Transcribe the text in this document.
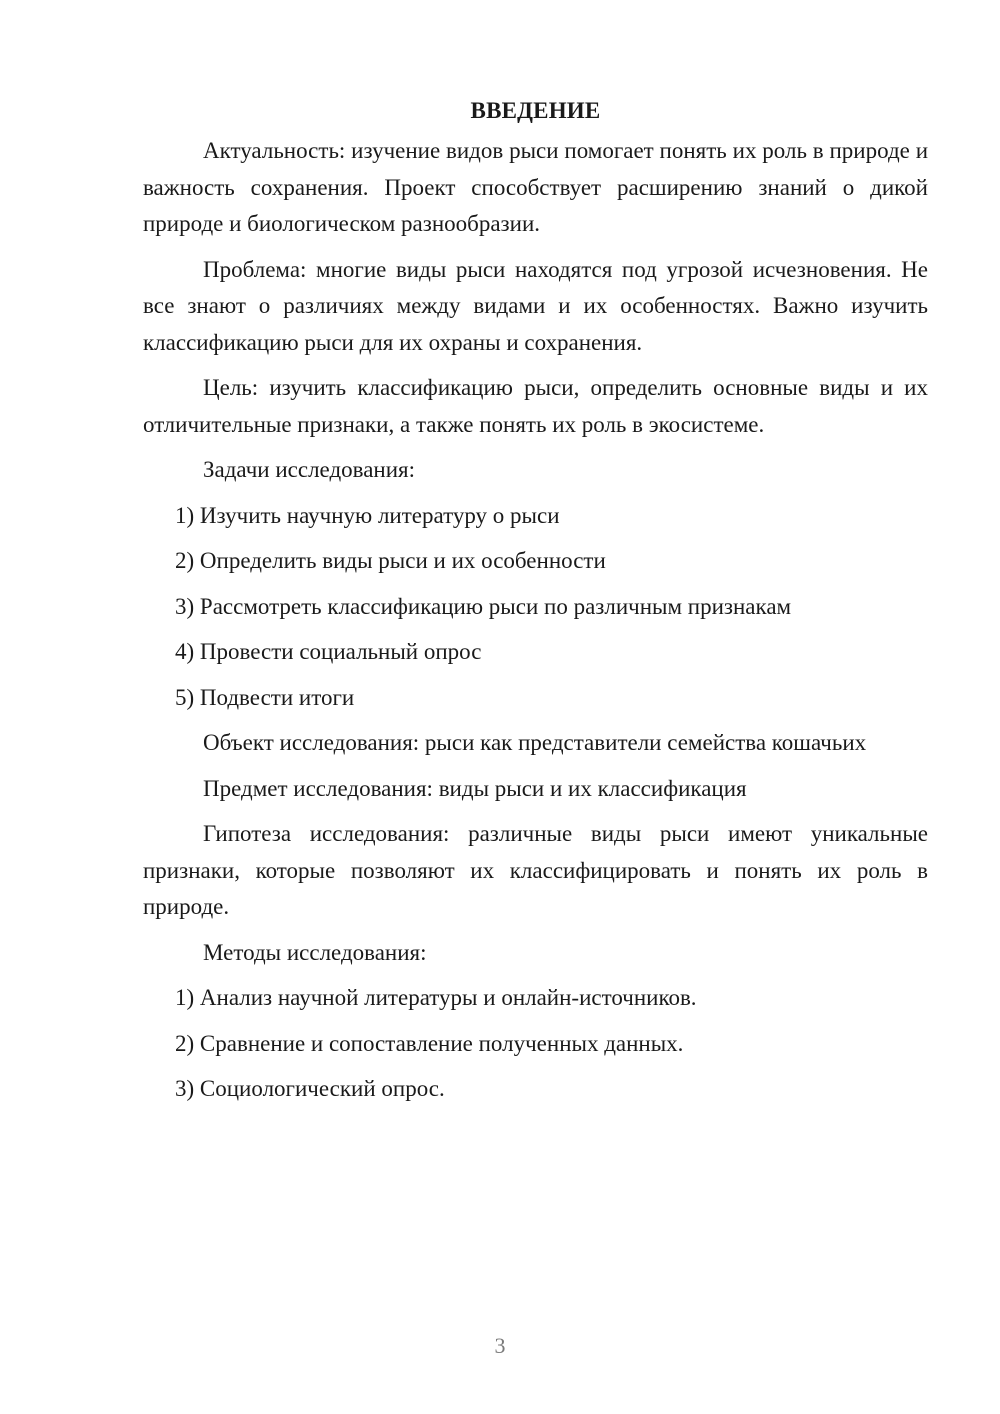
ВВЕДЕНИЕ

Актуальность: изучение видов рыси помогает понять их роль в природе и важность сохранения. Проект способствует расширению знаний о дикой природе и биологическом разнообразии.

Проблема: многие виды рыси находятся под угрозой исчезновения. Не все знают о различиях между видами и их особенностях. Важно изучить классификацию рыси для их охраны и сохранения.

Цель: изучить классификацию рыси, определить основные виды и их отличительные признаки, а также понять их роль в экосистеме.

Задачи исследования:

1) Изучить научную литературу о рыси

2) Определить виды рыси и их особенности

3) Рассмотреть классификацию рыси по различным признакам

4) Провести социальный опрос

5) Подвести итоги

Объект исследования: рыси как представители семейства кошачьих

Предмет исследования: виды рыси и их классификация

Гипотеза исследования: различные виды рыси имеют уникальные признаки, которые позволяют их классифицировать и понять их роль в природе.

Методы исследования:

1) Анализ научной литературы и онлайн-источников.

2) Сравнение и сопоставление полученных данных.

3) Социологический опрос.

3
